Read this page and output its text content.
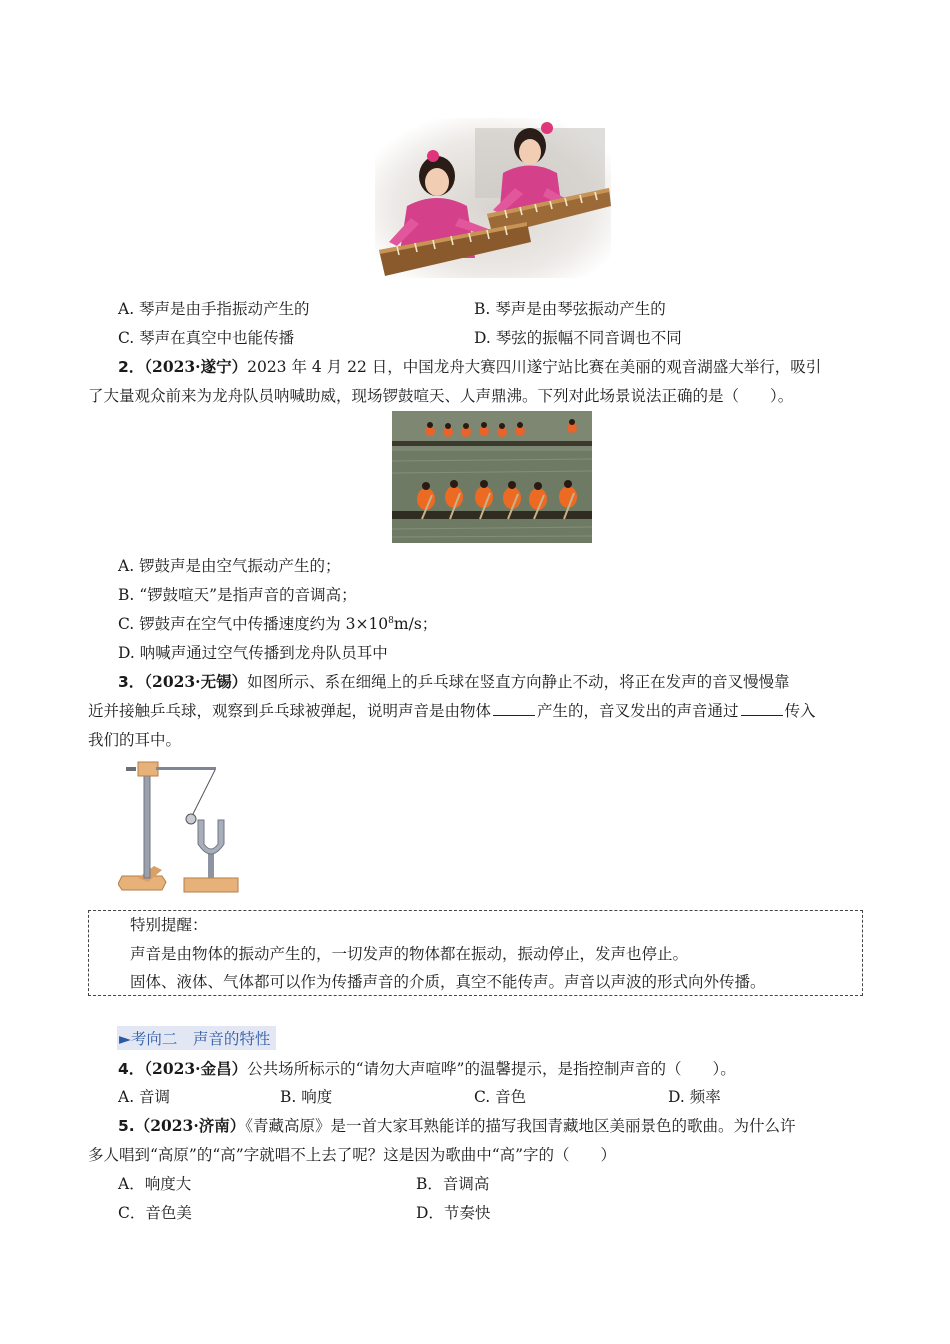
A. 琴声是由手指振动产生的	B. 琴声是由琴弦振动产生的
C. 琴声在真空中也能传播	D. 琴弦的振幅不同音调也不同
2．（2023·遂宁）2023 年 4 月 22 日，中国龙舟大赛四川遂宁站比赛在美丽的观音湖盛大举行，吸引
了大量观众前来为龙舟队员呐喊助威，现场锣鼓喧天、人声鼎沸。下列对此场景说法正确的是（　　）。
A. 锣鼓声是由空气振动产生的；
B. “锣鼓喧天”是指声音的音调高；
C. 锣鼓声在空气中传播速度约为 $3\times 10^8m/s$；
D. 呐喊声通过空气传播到龙舟队员耳中
3．（2023·无锡）如图所示、系在细绳上的乒乓球在竖直方向静止不动，将正在发声的音叉慢慢靠
近并接触乒乓球，观察到乒乓球被弹起，说明声音是由物体	产生的，音叉发出的声音通过	传入
我们的耳中。
特别提醒：
声音是由物体的振动产生的，一切发声的物体都在振动，振动停止，发声也停止。
固体、液体、气体都可以作为传播声音的介质，真空不能传声。声音以声波的形式向外传播。
►考向二　声音的特性
4．（2023·金昌）公共场所标示的“请勿大声喧哗”的温馨提示，是指控制声音的（　　）。
A. 音调	B. 响度	C. 音色	D. 频率
5.（2023·济南）《青藏高原》是一首大家耳熟能详的描写我国青藏地区美丽景色的歌曲。为什么许
多人唱到“高原”的“高”字就唱不上去了呢？这是因为歌曲中“高”字的（　　）
A．响度大	B．音调高
C．音色美	D．节奏快
